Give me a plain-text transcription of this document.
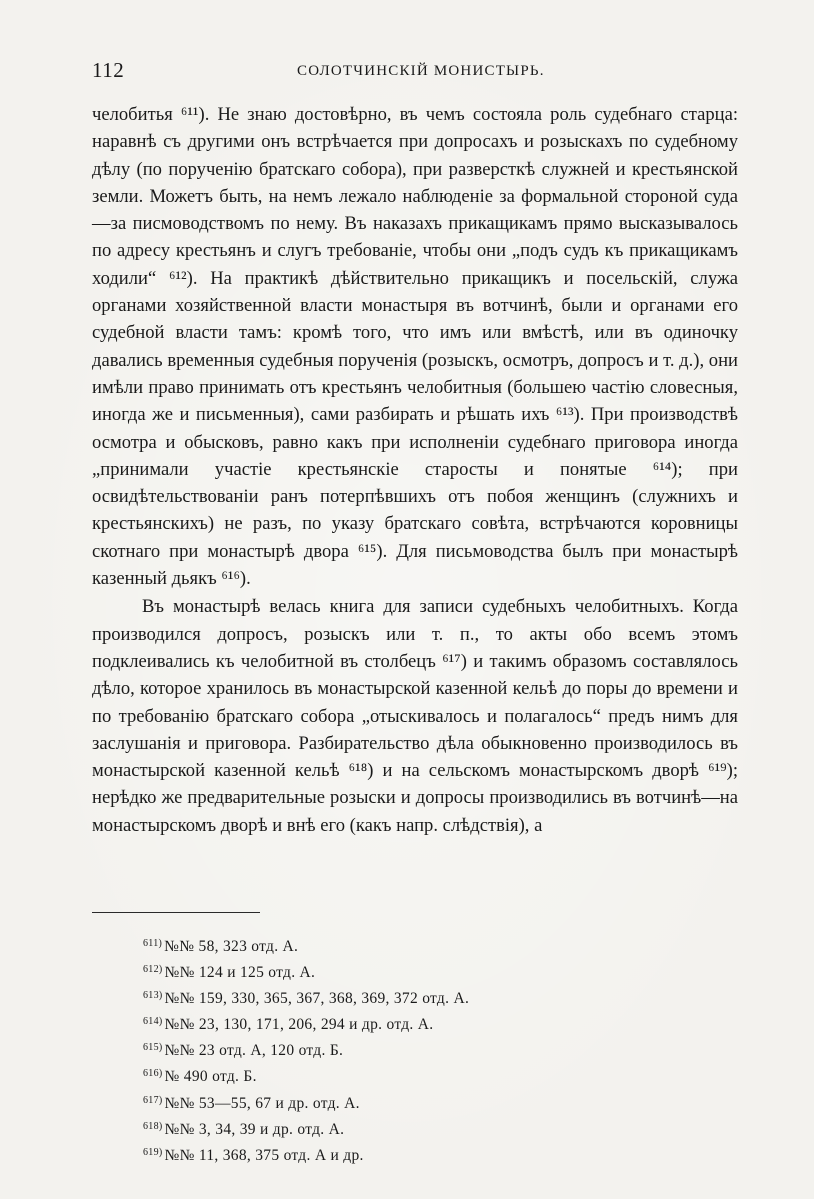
112	СОЛОТЧИНСКІЙ МОНИСТЫРЬ.

челобитья ⁶¹¹). Не знаю достовѣрно, въ чемъ состояла роль судебнаго старца: наравнѣ съ другими онъ встрѣчается при допросахъ и розыскахъ по судебному дѣлу (по порученію братскаго собора), при разверсткѣ служней и крестьянской земли. Можетъ быть, на немъ лежало наблюденіе за формальной стороной суда—за писмоводствомъ по нему. Въ наказахъ прикащикамъ прямо высказывалось по адресу крестьянъ и слугъ требованіе, чтобы они „подъ судъ къ прикащикамъ ходили“ ⁶¹²). На практикѣ дѣйствительно прикащикъ и посельскій, служа органами хозяйственной власти монастыря въ вотчинѣ, были и органами его судебной власти тамъ: кромѣ того, что имъ или вмѣстѣ, или въ одиночку давались временныя судебныя порученія (розыскъ, осмотръ, допросъ и т. д.), они имѣли право принимать отъ крестьянъ челобитныя (большею частію словесныя, иногда же и письменныя), сами разбирать и рѣшать ихъ ⁶¹³). При производствѣ осмотра и обысковъ, равно какъ при исполненіи судебнаго приговора иногда „принимали участіе крестьянскіе старосты и понятые ⁶¹⁴); при освидѣтельствованіи ранъ потерпѣвшихъ отъ побоя женщинъ (служнихъ и крестьянскихъ) не разъ, по указу братскаго совѣта, встрѣчаются коровницы скотнаго при монастырѣ двора ⁶¹⁵). Для письмоводства былъ при монастырѣ казенный дьякъ ⁶¹⁶).

Въ монастырѣ велась книга для записи судебныхъ челобитныхъ. Когда производился допросъ, розыскъ или т. п., то акты обо всемъ этомъ подклеивались къ челобитной въ столбецъ ⁶¹⁷) и такимъ образомъ составлялось дѣло, которое хранилось въ монастырской казенной кельѣ до поры до времени и по требованію братскаго собора „отыскивалось и полагалось“ предъ нимъ для заслушанія и приговора. Разбирательство дѣла обыкновенно производилось въ монастырской казенной кельѣ ⁶¹⁸) и на сельскомъ монастырскомъ дворѣ ⁶¹⁹); нерѣдко же предварительные розыски и допросы производились въ вотчинѣ—на монастырскомъ дворѣ и внѣ его (какъ напр. слѣдствія), а

$^{611)}$ №№ 58, 323 отд. А.
$^{612)}$ №№ 124 и 125 отд. А.
$^{613)}$ №№ 159, 330, 365, 367, 368, 369, 372 отд. А.
$^{614)}$ №№ 23, 130, 171, 206, 294 и др. отд. А.
$^{615)}$ №№ 23 отд. А, 120 отд. Б.
$^{616)}$ № 490 отд. Б.
$^{617)}$ №№ 53—55, 67 и др. отд. А.
$^{618)}$ №№ 3, 34, 39 и др. отд. А.
$^{619)}$ №№ 11, 368, 375 отд. А и др.
